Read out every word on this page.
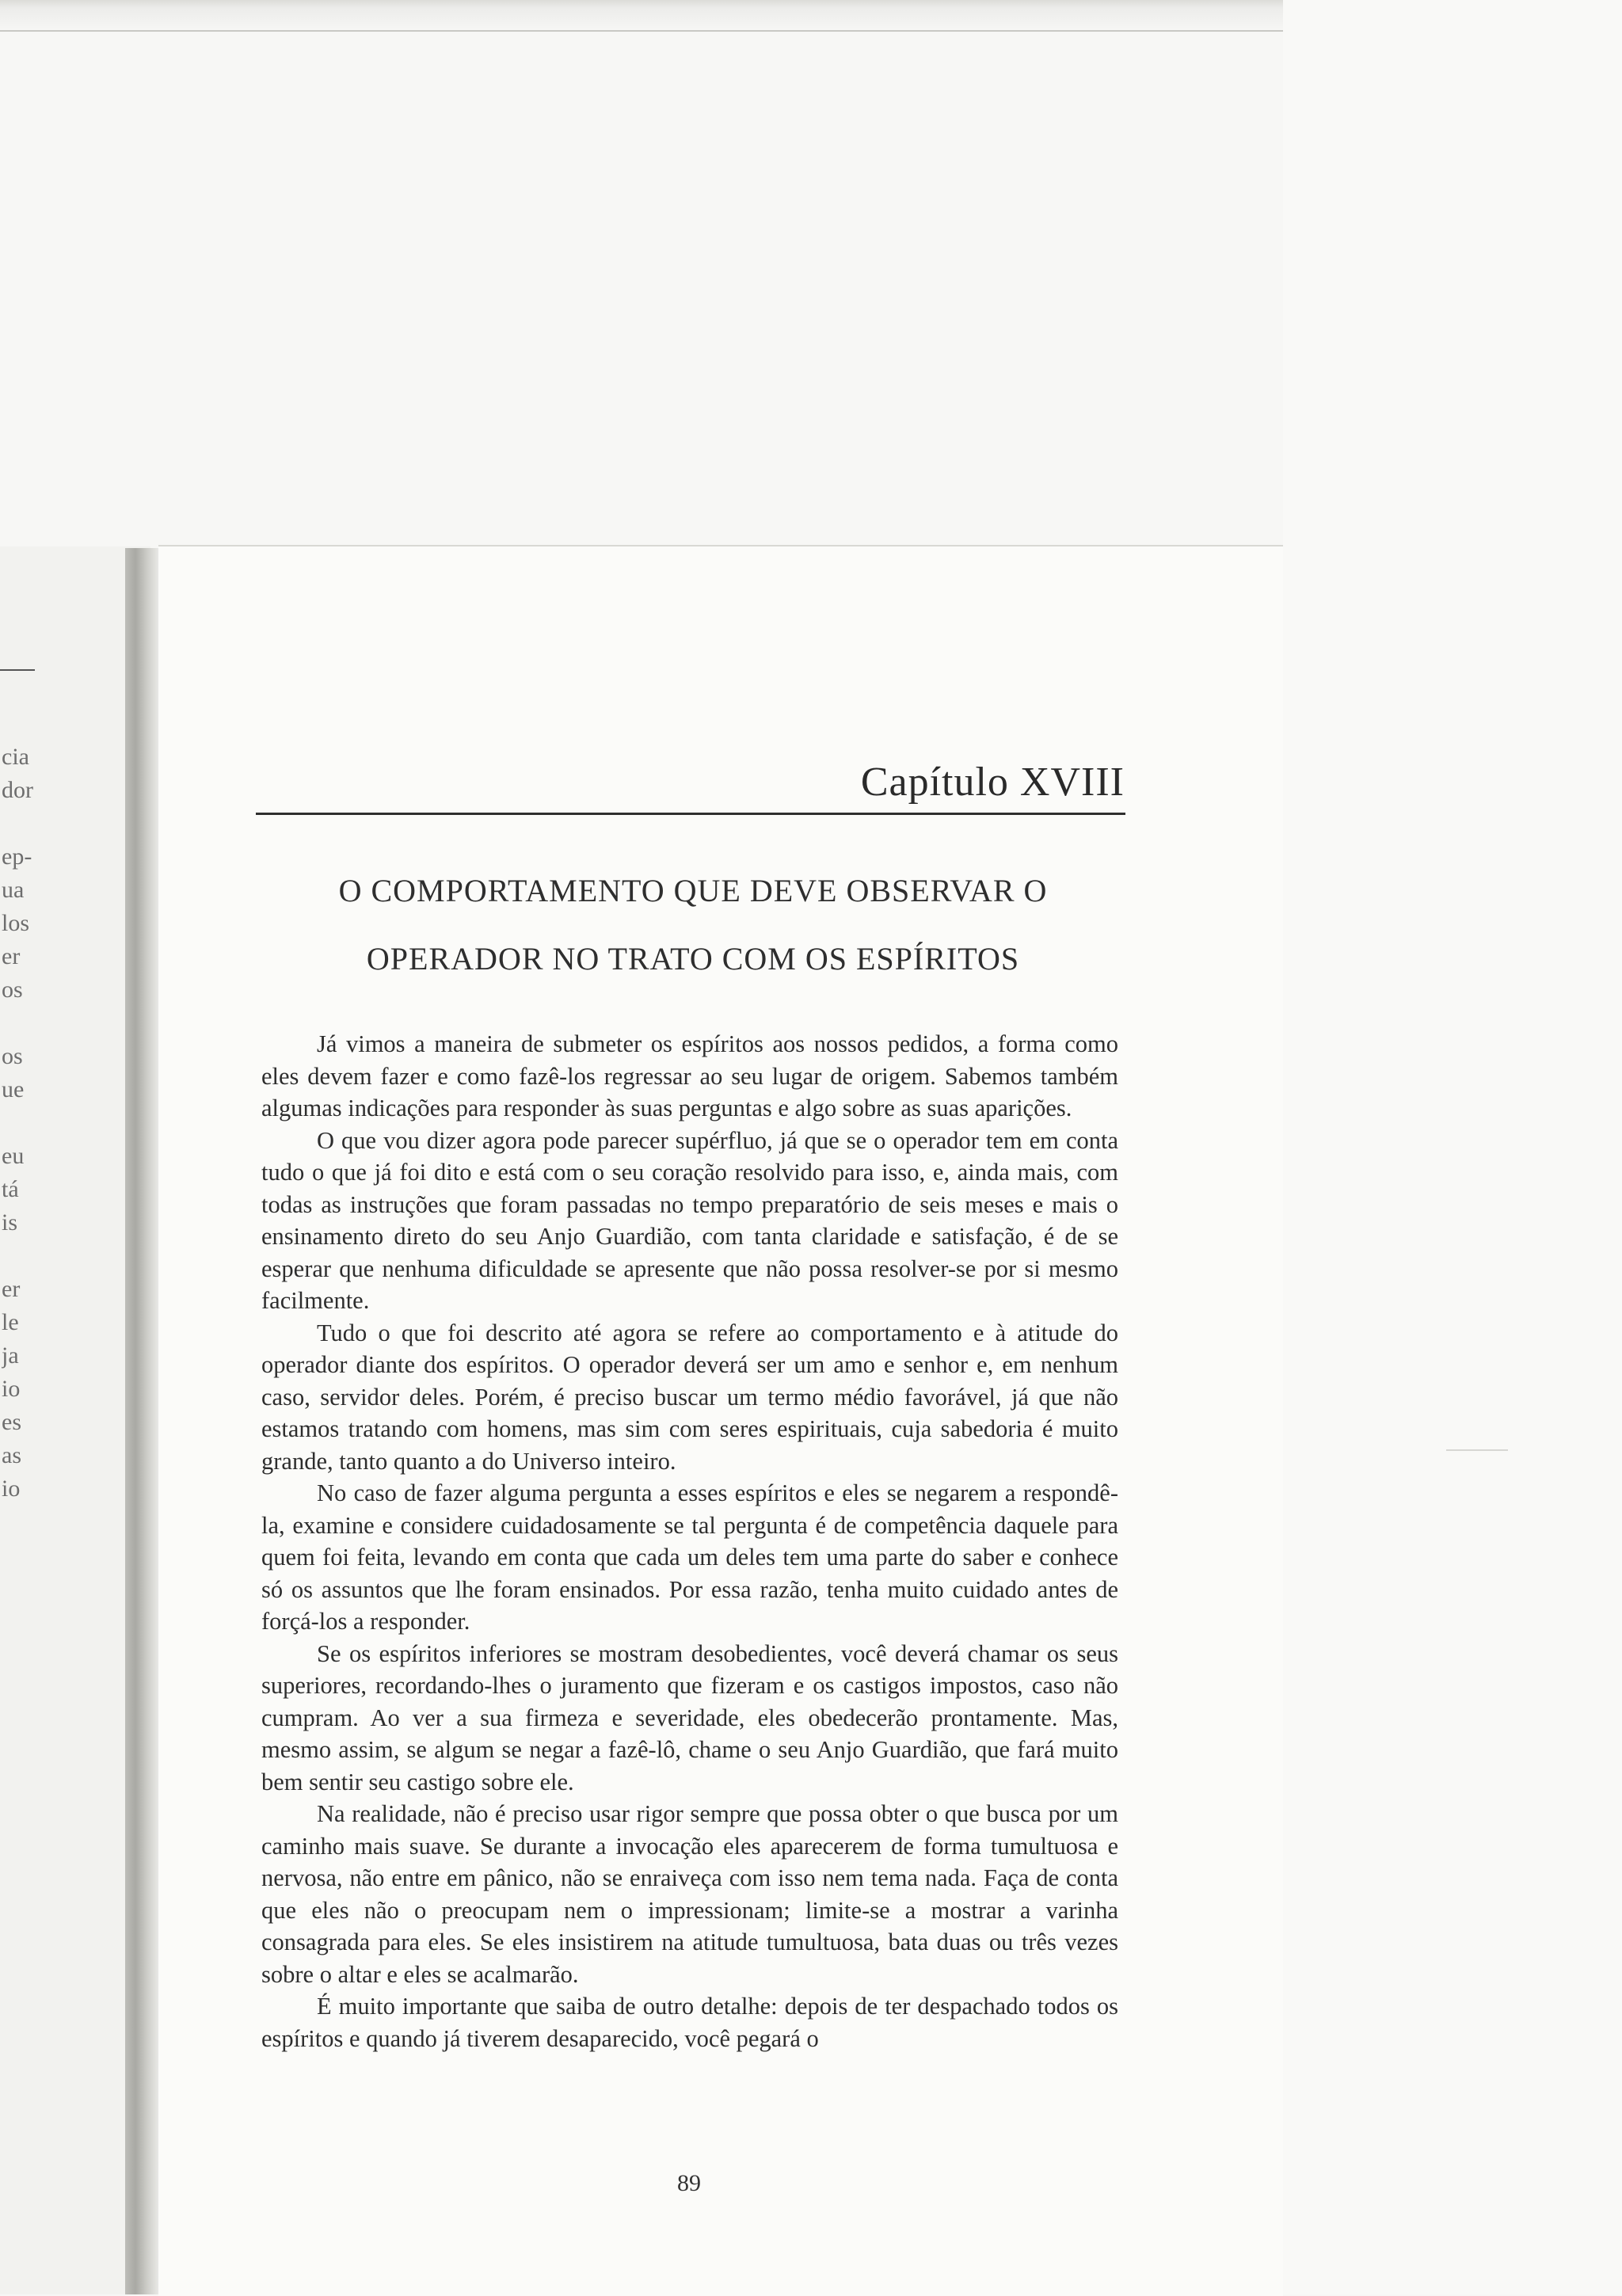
cia
dor
ep-
ua
los
er
os
os
ue
eu
tá
is
er
le
ja
io
es
as
io
Capítulo XVIII
O COMPORTAMENTO QUE DEVE OBSERVAR O
OPERADOR NO TRATO COM OS ESPÍRITOS

Já vimos a maneira de submeter os espíritos aos nossos pedidos, a forma como eles devem fazer e como fazê-los regressar ao seu lugar de origem. Sabemos também algumas indicações para responder às suas perguntas e algo sobre as suas aparições.

O que vou dizer agora pode parecer supérfluo, já que se o operador tem em conta tudo o que já foi dito e está com o seu coração resolvido para isso, e, ainda mais, com todas as instruções que foram passadas no tempo preparatório de seis meses e mais o ensinamento direto do seu Anjo Guardião, com tanta claridade e satisfação, é de se esperar que nenhuma dificuldade se apresente que não possa resolver-se por si mesmo facilmente.

Tudo o que foi descrito até agora se refere ao comportamento e à atitude do operador diante dos espíritos. O operador deverá ser um amo e senhor e, em nenhum caso, servidor deles. Porém, é preciso buscar um termo médio favorável, já que não estamos tratando com homens, mas sim com seres espirituais, cuja sabedoria é muito grande, tanto quanto a do Universo inteiro.

No caso de fazer alguma pergunta a esses espíritos e eles se negarem a respondê-la, examine e considere cuidadosamente se tal pergunta é de competência daquele para quem foi feita, levando em conta que cada um deles tem uma parte do saber e conhece só os assuntos que lhe foram ensinados. Por essa razão, tenha muito cuidado antes de forçá-los a responder.

Se os espíritos inferiores se mostram desobedientes, você deverá chamar os seus superiores, recordando-lhes o juramento que fizeram e os castigos impostos, caso não cumpram. Ao ver a sua firmeza e severidade, eles obedecerão prontamente. Mas, mesmo assim, se algum se negar a fazê-lô, chame o seu Anjo Guardião, que fará muito bem sentir seu castigo sobre ele.

Na realidade, não é preciso usar rigor sempre que possa obter o que busca por um caminho mais suave. Se durante a invocação eles aparecerem de forma tumultuosa e nervosa, não entre em pânico, não se enraiveça com isso nem tema nada. Faça de conta que eles não o preocupam nem o impressionam; limite-se a mostrar a varinha consagrada para eles. Se eles insistirem na atitude tumultuosa, bata duas ou três vezes sobre o altar e eles se acalmarão.

É muito importante que saiba de outro detalhe: depois de ter despachado todos os espíritos e quando já tiverem desaparecido, você pegará o

89
